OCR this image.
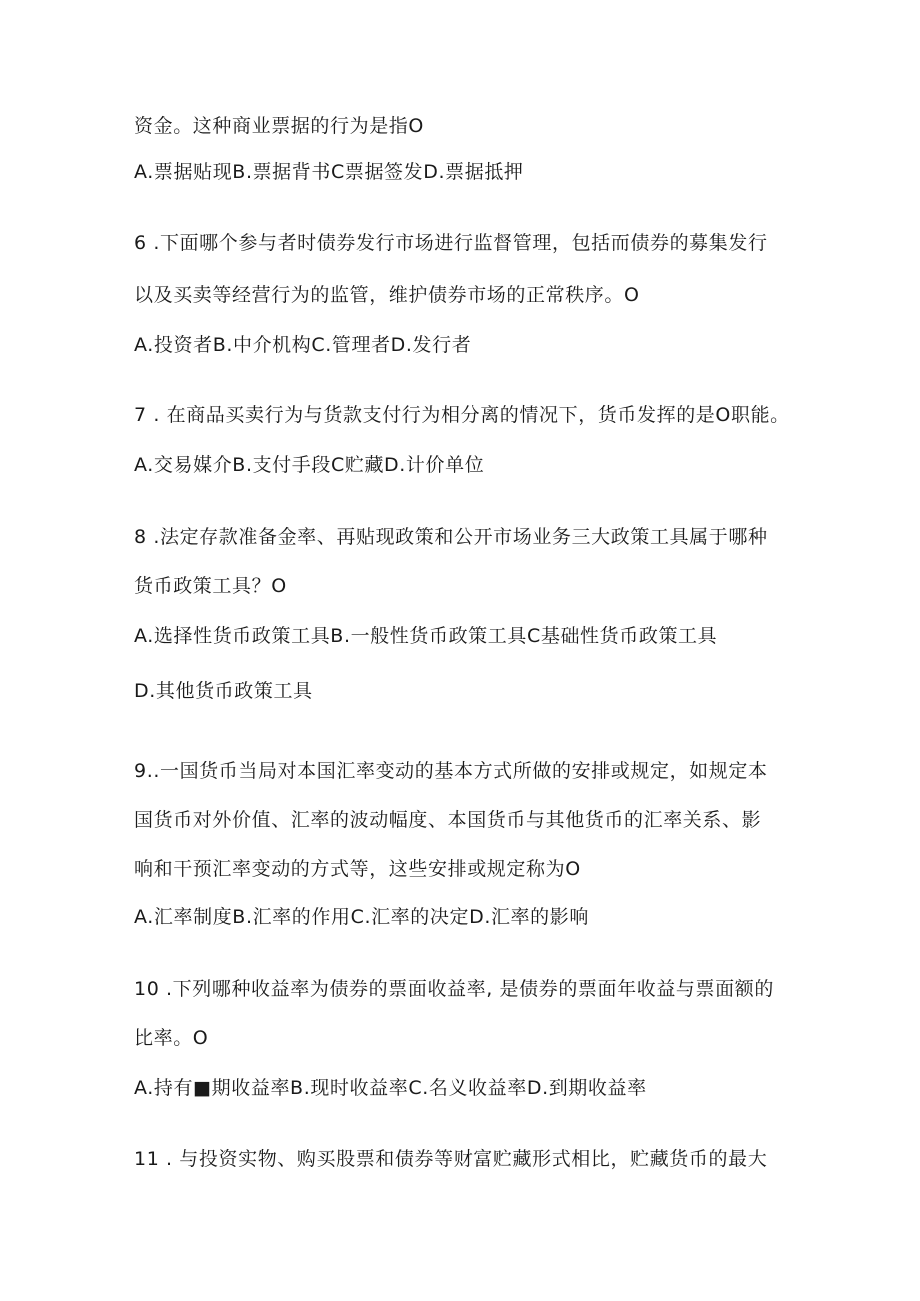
资金。这种商业票据的行为是指O
A.票据贴现B.票据背书C票据签发D.票据抵押
6 .下面哪个参与者时债券发行市场进行监督管理，包括而债券的募集发行
以及买卖等经营行为的监管，维护债券市场的正常秩序。O
A.投资者B.中介机构C.管理者D.发行者
7 . 在商品买卖行为与货款支付行为相分离的情况下，货币发挥的是O职能。
A.交易媒介B.支付手段C贮藏D.计价单位
8 .法定存款准备金率、再贴现政策和公开市场业务三大政策工具属于哪种
货币政策工具？O
A.选择性货币政策工具B.一般性货币政策工具C基础性货币政策工具
D.其他货币政策工具
9..一国货币当局对本国汇率变动的基本方式所做的安排或规定，如规定本
国货币对外价值、汇率的波动幅度、本国货币与其他货币的汇率关系、影
响和干预汇率变动的方式等，这些安排或规定称为O
A.汇率制度B.汇率的作用C.汇率的决定D.汇率的影响
10 .下列哪种收益率为债券的票面收益率, 是债券的票面年收益与票面额的
比率。O
A.持有■期收益率B.现时收益率C.名义收益率D.到期收益率
11 . 与投资实物、购买股票和债券等财富贮藏形式相比，贮藏货币的最大
